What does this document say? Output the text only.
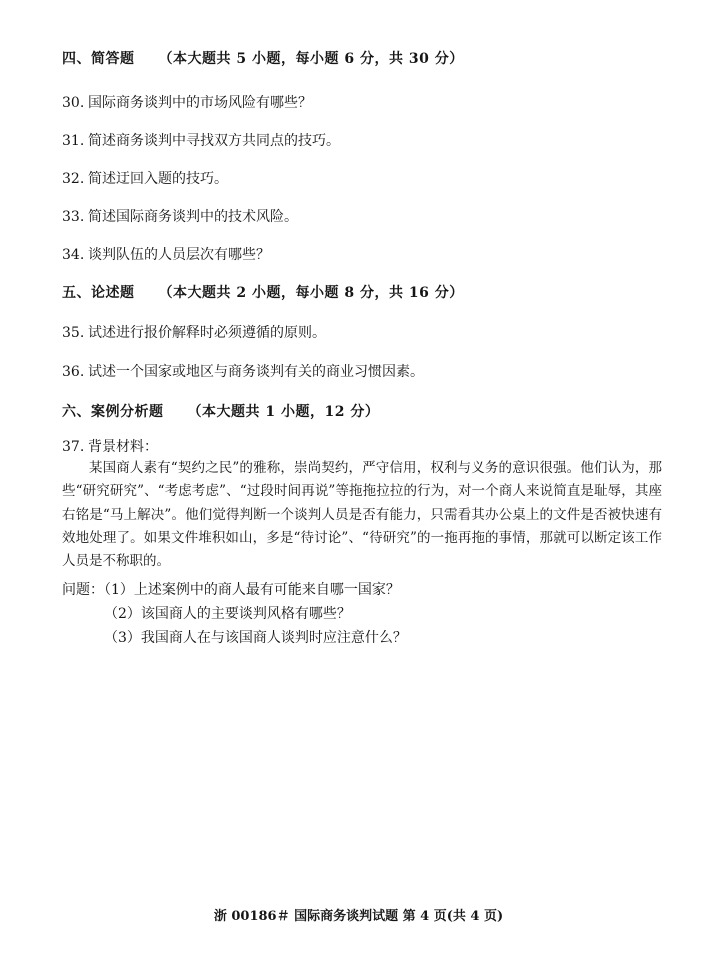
四、简答题 （本大题共 5 小题，每小题 6 分，共 30 分）
30. 国际商务谈判中的市场风险有哪些？
31. 简述商务谈判中寻找双方共同点的技巧。
32. 简述迂回入题的技巧。
33. 简述国际商务谈判中的技术风险。
34. 谈判队伍的人员层次有哪些？
五、论述题 （本大题共 2 小题，每小题 8 分，共 16 分）
35. 试述进行报价解释时必须遵循的原则。
36. 试述一个国家或地区与商务谈判有关的商业习惯因素。
六、案例分析题 （本大题共 1 小题，12 分）
37. 背景材料：

某国商人素有“契约之民”的雅称，崇尚契约，严守信用，权利与义务的意识很强。他们认为，那些“研究研究”、“考虑考虑”、“过段时间再说”等拖拖拉拉的行为，对一个商人来说简直是耻辱，其座右铭是“马上解决”。他们觉得判断一个谈判人员是否有能力，只需看其办公桌上的文件是否被快速有效地处理了。如果文件堆积如山，多是“待讨论”、“待研究”的一拖再拖的事情，那就可以断定该工作人员是不称职的。

问题：（1）上述案例中的商人最有可能来自哪一国家？
（2）该国商人的主要谈判风格有哪些？
（3）我国商人在与该国商人谈判时应注意什么？
浙 00186＃ 国际商务谈判试题 第 4 页(共 4 页)
